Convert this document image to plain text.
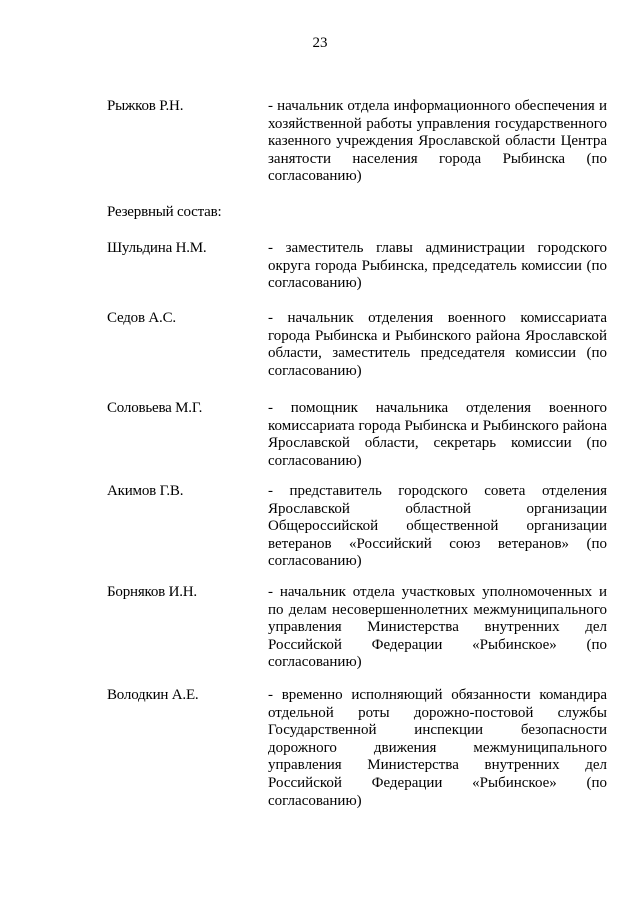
23
Рыжков Р.Н.	- начальник отдела информационного обеспечения и хозяйственной работы управления государственного казенного учреждения Ярославской области Центра занятости населения города Рыбинска (по согласованию)
Резервный состав:
Шульдина Н.М.	- заместитель главы администрации городского округа города Рыбинска, председатель комиссии (по согласованию)
Седов А.С.	- начальник отделения военного комиссариата города Рыбинска и Рыбинского района Ярославской области, заместитель председателя комиссии (по согласованию)
Соловьева М.Г.	- помощник начальника отделения военного комиссариата города Рыбинска и Рыбинского района Ярославской области, секретарь комиссии (по согласованию)
Акимов Г.В.	- представитель городского совета отделения Ярославской областной организации Общероссийской общественной организации ветеранов «Российский союз ветеранов» (по согласованию)
Борняков И.Н.	- начальник отдела участковых уполномоченных и по делам несовершеннолетних межмуниципального управления Министерства внутренних дел Российской Федерации «Рыбинское» (по согласованию)
Володкин А.Е.	- временно исполняющий обязанности командира отдельной роты дорожно-постовой службы Государственной инспекции безопасности дорожного движения межмуниципального управления Министерства внутренних дел Российской Федерации «Рыбинское» (по согласованию)
